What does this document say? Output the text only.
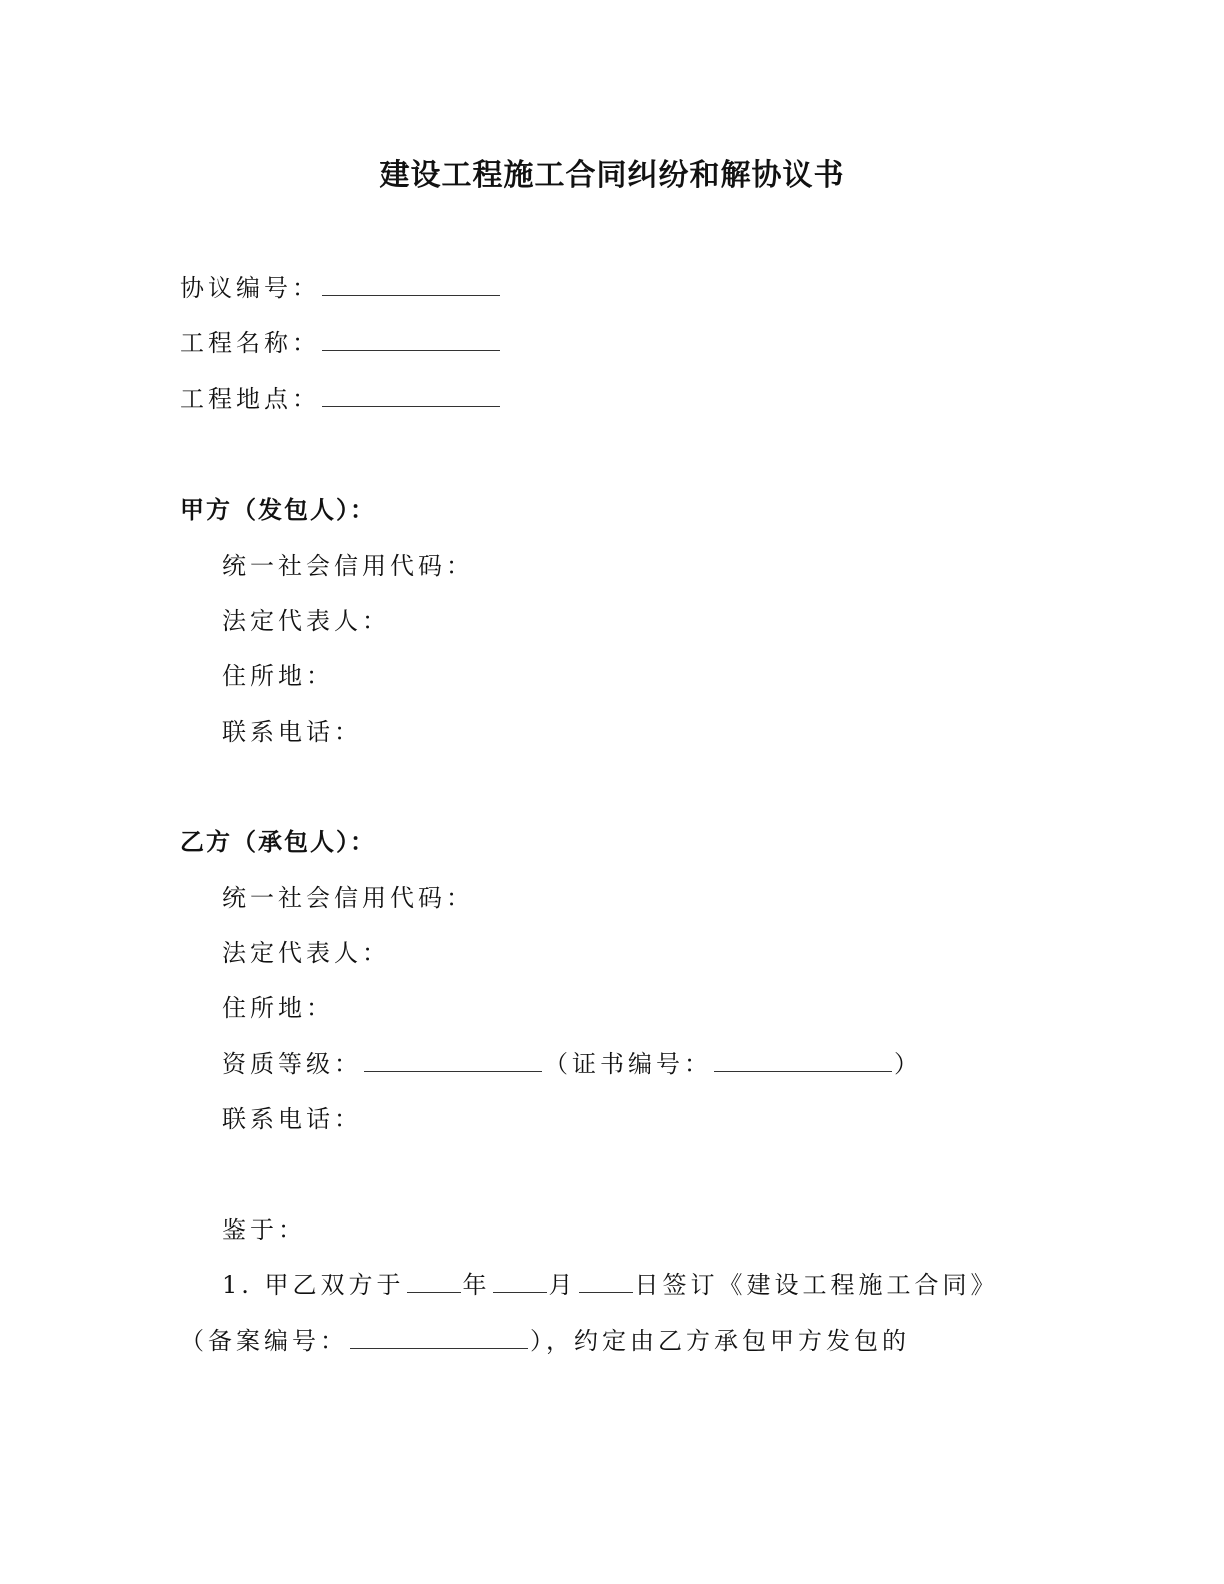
建设工程施工合同纠纷和解协议书
协议编号：
工程名称：
工程地点：
甲方（发包人）：
统一社会信用代码：
法定代表人：
住所地：
联系电话：
乙方（承包人）：
统一社会信用代码：
法定代表人：
住所地：
资质等级：	（证书编号：	）
联系电话：
鉴于：
1. 甲乙双方于 年 月 日签订《建设工程施工合同》
（备案编号：	），约定由乙方承包甲方发包的
